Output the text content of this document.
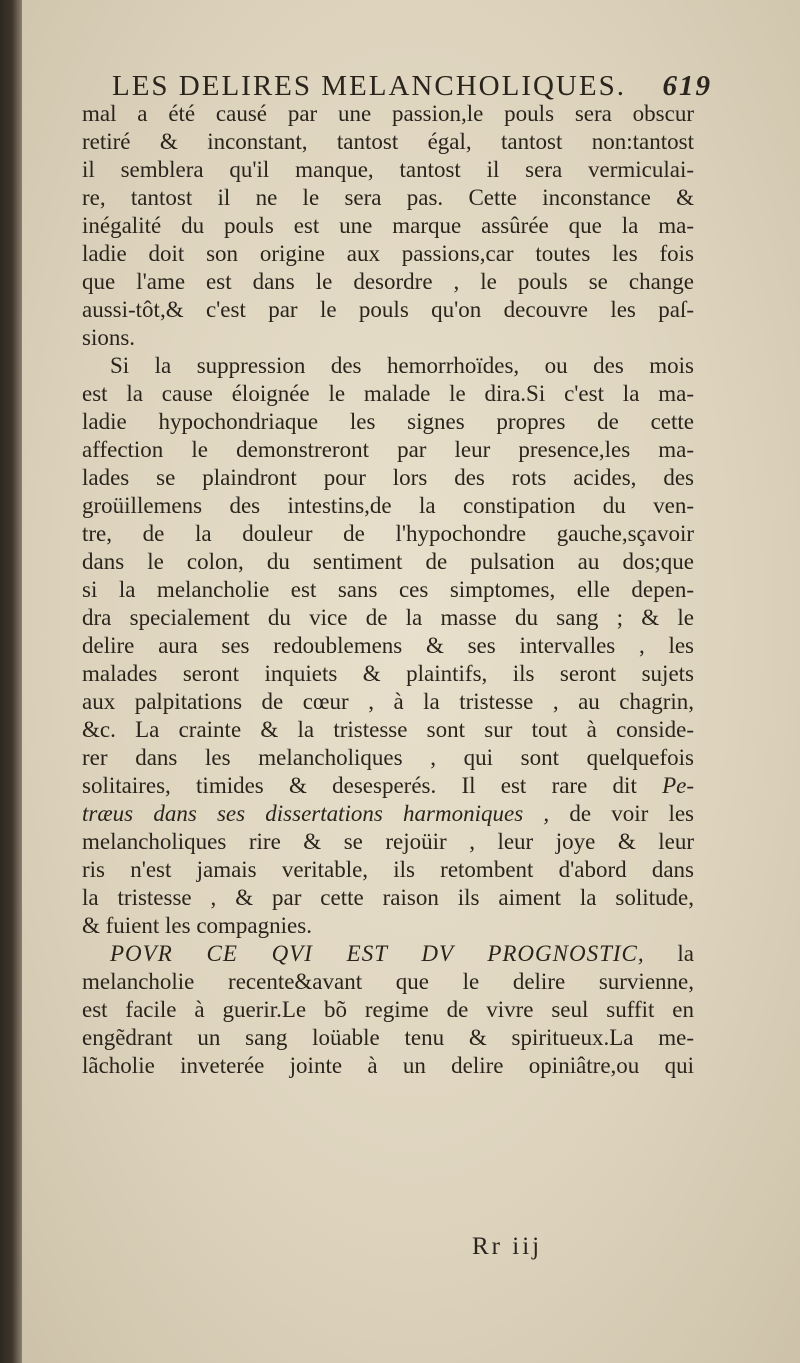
LES DELIRES MELANCHOLIQUES. 619
mal a été causé par une passion,le pouls sera obscur
retiré & inconstant, tantost égal, tantost non:tantost
il semblera qu'il manque, tantost il sera vermiculai-
re, tantost il ne le sera pas. Cette inconstance &
inégalité du pouls est une marque assûrée que la ma-
ladie doit son origine aux passions,car toutes les fois
que l'ame est dans le desordre , le pouls se change
aussi-tôt,& c'est par le pouls qu'on decouvre les paſ-
sions.
Si la suppression des hemorrhoïdes, ou des mois
est la cause éloignée le malade le dira.Si c'est la ma-
ladie hypochondriaque les signes propres de cette
affection le demonstreront par leur presence,les ma-
lades se plaindront pour lors des rots acides, des
groüillemens des intestins,de la constipation du ven-
tre, de la douleur de l'hypochondre gauche,sçavoir
dans le colon, du sentiment de pulsation au dos;que
si la melancholie est sans ces simptomes, elle depen-
dra specialement du vice de la masse du sang ; & le
delire aura ses redoublemens & ses intervalles , les
malades seront inquiets & plaintifs, ils seront sujets
aux palpitations de cœur , à la tristesse , au chagrin,
&c. La crainte & la tristesse sont sur tout à conside-
rer dans les melancholiques , qui sont quelquefois
solitaires, timides & desesperés. Il est rare dit Pe-
træus dans ses dissertations harmoniques , de voir les
melancholiques rire & se rejoüir , leur joye & leur
ris n'est jamais veritable, ils retombent d'abord dans
la tristesse , & par cette raison ils aiment la solitude,
& fuient les compagnies.
POVR CE QVI EST DV PROGNOSTIC, la
melancholie recente&avant que le delire survienne,
est facile à guerir.Le bõ regime de vivre seul suffit en
engẽdrant un sang loüable tenu & spiritueux.La me-
lãcholie inveterée jointe à un delire opiniâtre,ou qui
Rr iij
